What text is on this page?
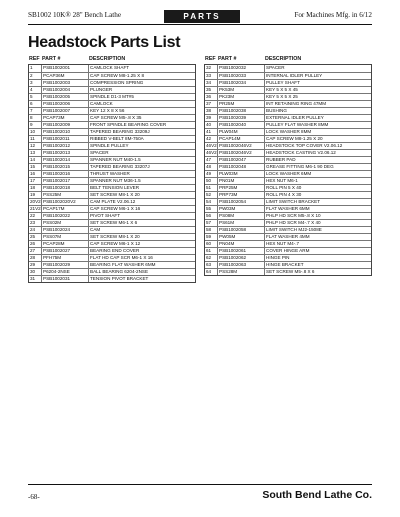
SB1002 10K® 28" Bench Lathe	PARTS	For Machines Mfg. in 6/12
Headstock Parts List
REF PART #	DESCRIPTION
1	PSB1002001	CAMLOCK SHAFT
2	PCAP36M	CAP SCREW M8-1.25 X 8
3	PSB1002003	COMPRESSION SPRING
4	PSB1002004	PLUNGER
5	PSB1002005	SPINDLE D1-3 MT#5
6	PSB1002006	CAMLOCK
7	PSB1002007	KEY 12 X 8 X 56
8	PCAP73M	CAP SCREW M5-.8 X 35
9	PSB1002009	FRONT SPINDLE BEARING COVER
10	PSB1002010	TAPERED BEARING 33209J
11	PSB1002011	RIBBED V-BELT 8M-750A
12	PSB1002012	SPINDLE PULLEY
13	PSB1002013	SPACER
14	PSB1002014	SPANNER NUT M40-1.5
15	PSB1002015	TAPERED BEARING 33207J
16	PSB1002016	THRUST WASHER
17	PSB1002017	SPANNER NUT M36-1.5
18	PSB1002018	BELT TENSION LEVER
19	PSS25M	SET SCREW M8-1 X 20
20V2 PSB1002020V2	CAM PLATE V2.06.12
21V2 PCAP17M	CAP SCREW M6-1 X 16
22	PSB1002022	PIVOT SHAFT
23	PSS02M	SET SCREW M6-1 X 6
24	PSB1002024	CAM
25	PSS07M	SET SCREW M8-1 X 20
26	PCAP28M	CAP SCREW M6-1 X 12
27	PSB1002027	BEARING END COVER
28	PFH75M	FLAT HD CAP SCR M6-1 X 16
29	PSB1002029	BEARING FLAT WASHER 6MM
30	P6204-2NSE	BALL BEARING 6204-2NSE
31	PSB1002031	TENSION PIVOT BRACKET
REF PART #	DESCRIPTION
32	PSB1002032	SPACER
33	PSB1002033	INTERNAL IDLER PULLEY
34	PSB1002034	PULLEY SHAFT
35	PK53M	KEY 5 X 5 X 45
36	PK23M	KEY 5 X 5 X 25
37	PR25M	INT RETAINING RING 47MM
38	PSB1002038	BUSHING
39	PSB1002039	EXTERNAL IDLER PULLEY
40	PSB1002040	PULLEY FLAT WASHER 8MM
41	PLW04M	LOCK WASHER 8MM
42	PCAP14M	CAP SCREW M8-1.25 X 20
46V2 PSB1002046V2	HEADSTOCK TOP COVER V2.06.12
46V2 PSB1002046V2	HEADSTOCK CASTING V2.06.12
47	PSB1002047	RUBBER PAD
48	PSB1002048	GREASE FITTING M6-1 90 DEG
49	PLW03M	LOCK WASHER 6MM
50	PN01M	HEX NUT M6-1
51	PRP25M	ROLL PIN 5 X 40
52	PRP73M	ROLL PIN 4 X 30
54	PSB1002054	LIMIT SWITCH BRACKET
55	PW03M	FLAT WASHER 6MM
56	PS08M	PHLP HD SCR M5-.8 X 10
57	PS61M	PHLP HD SCR M4-.7 X 40
58	PSB1002058	LIMIT SWITCH MJ2-1508E
59	PW05M	FLAT WASHER 4MM
60	PN04M	HEX NUT M4-.7
61	PSB1002061	COVER HINGE ARM
62	PSB1002062	HINGE PIN
63	PSB1002063	HINGE BRACKET
64	PSS28M	SET SCREW M5-.8 X 6
-68-	South Bend Lathe Co.
